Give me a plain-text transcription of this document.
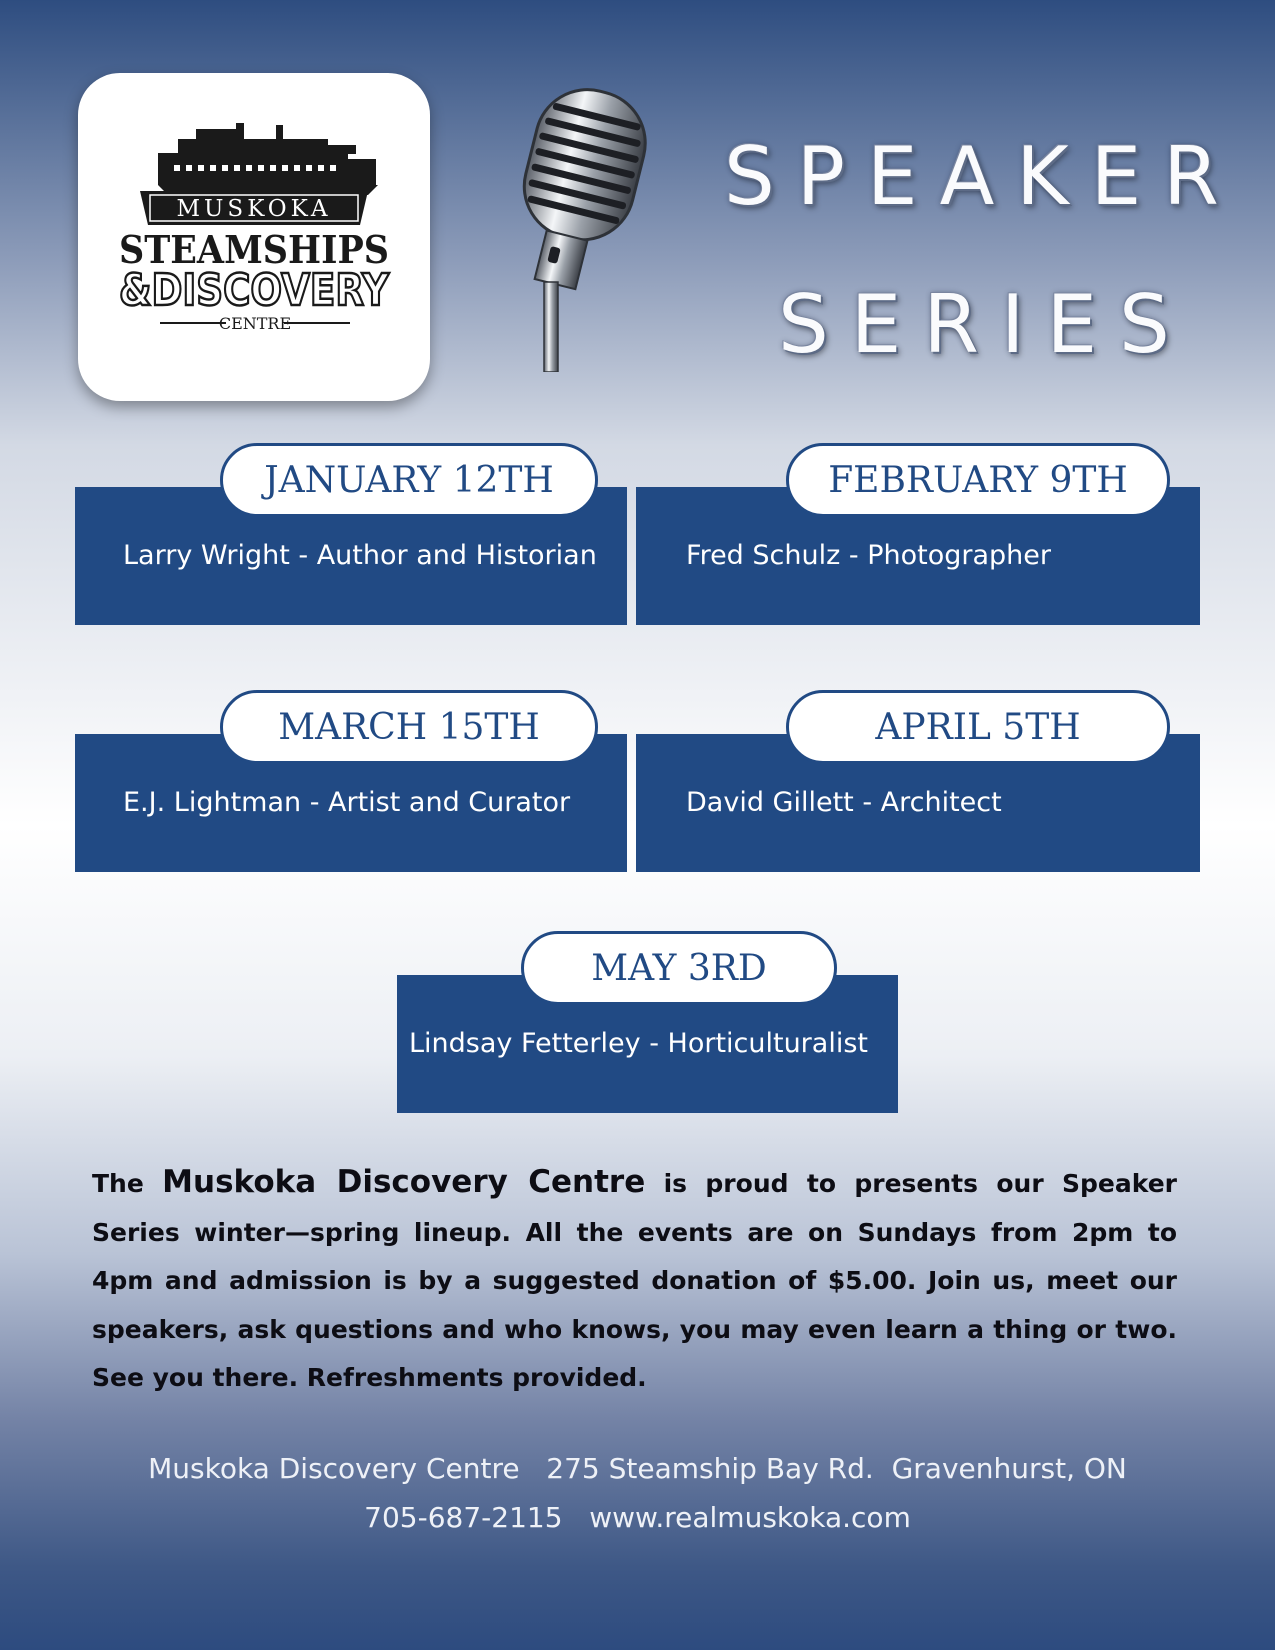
MUSKOKA
STEAMSHIPS
&DISCOVERY
CENTRE
SPEAKER
SERIES
Larry Wright - Author and Historian
JANUARY 12TH
Fred Schulz - Photographer
FEBRUARY 9TH
E.J. Lightman - Artist and Curator
MARCH 15TH
David Gillett - Architect
APRIL 5TH
Lindsay Fetterley - Horticulturalist
MAY 3RD
The Muskoka Discovery Centre is proud to presents our Speaker Series winter—spring lineup. All the events are on Sundays from 2pm to 4pm and admission is by a suggested donation of $5.00. Join us, meet our speakers, ask questions and who knows, you may even learn a thing or two. See you there. Refreshments provided.
Muskoka Discovery Centre   275 Steamship Bay Rd.  Gravenhurst, ON
705-687-2115   www.realmuskoka.com
